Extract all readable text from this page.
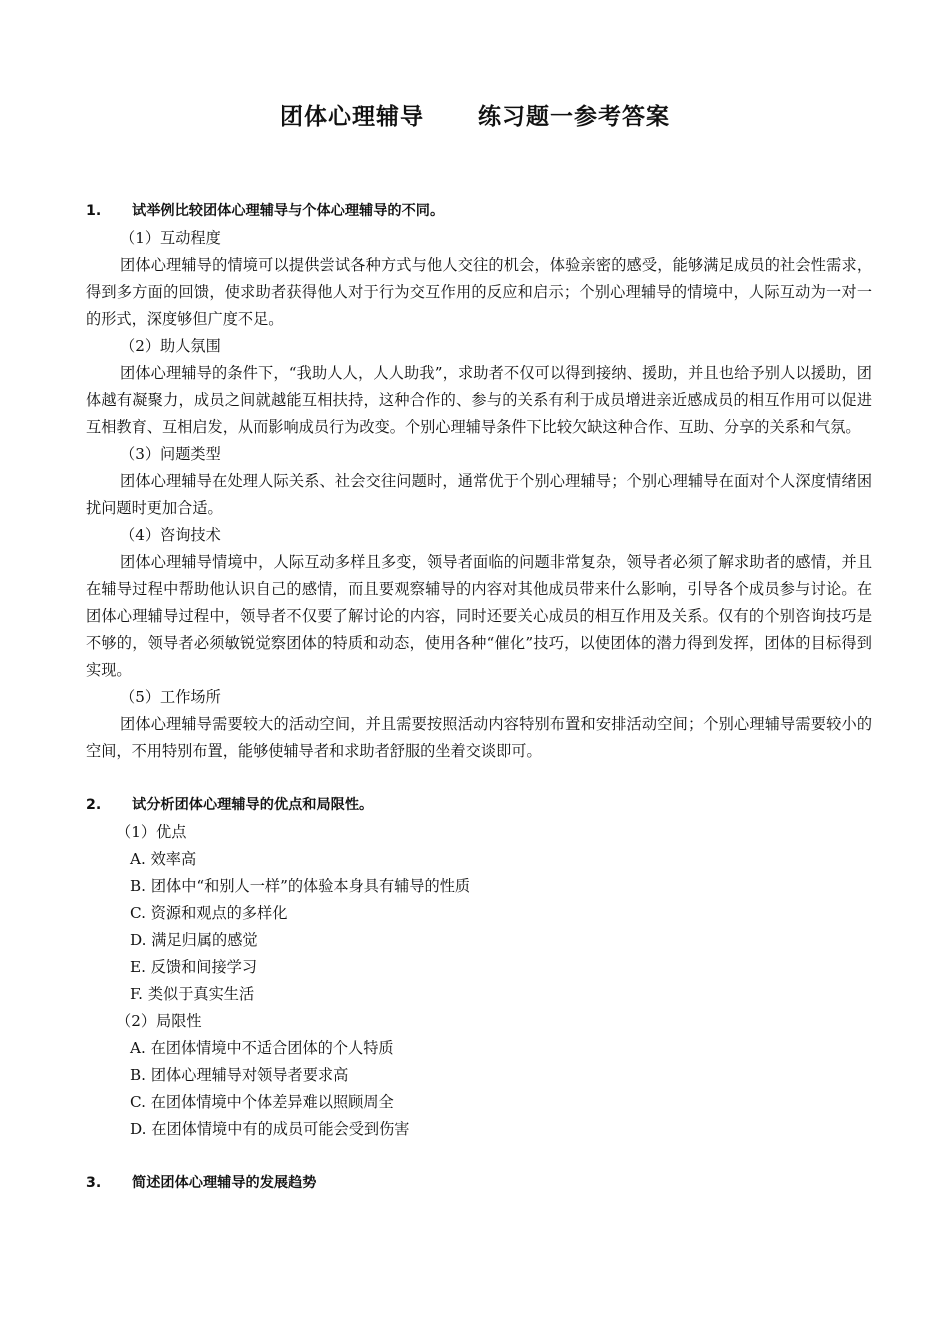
团体心理辅导      练习题一参考答案
1. 试举例比较团体心理辅导与个体心理辅导的不同。
（1）互动程度
团体心理辅导的情境可以提供尝试各种方式与他人交往的机会，体验亲密的感受，能够满足成员的社会性需求，得到多方面的回馈，使求助者获得他人对于行为交互作用的反应和启示；个别心理辅导的情境中，人际互动为一对一的形式，深度够但广度不足。
（2）助人氛围
团体心理辅导的条件下，“我助人人，人人助我”，求助者不仅可以得到接纳、援助，并且也给予别人以援助，团体越有凝聚力，成员之间就越能互相扶持，这种合作的、参与的关系有利于成员增进亲近感成员的相互作用可以促进互相教育、互相启发，从而影响成员行为改变。个别心理辅导条件下比较欠缺这种合作、互助、分享的关系和气氛。
（3）问题类型
团体心理辅导在处理人际关系、社会交往问题时，通常优于个别心理辅导；个别心理辅导在面对个人深度情绪困扰问题时更加合适。
（4）咨询技术
团体心理辅导情境中，人际互动多样且多变，领导者面临的问题非常复杂，领导者必须了解求助者的感情，并且在辅导过程中帮助他认识自己的感情，而且要观察辅导的内容对其他成员带来什么影响，引导各个成员参与讨论。在团体心理辅导过程中，领导者不仅要了解讨论的内容，同时还要关心成员的相互作用及关系。仅有的个别咨询技巧是不够的，领导者必须敏锐觉察团体的特质和动态，使用各种“催化”技巧，以使团体的潜力得到发挥，团体的目标得到实现。
（5）工作场所
团体心理辅导需要较大的活动空间，并且需要按照活动内容特别布置和安排活动空间；个别心理辅导需要较小的空间，不用特别布置，能够使辅导者和求助者舒服的坐着交谈即可。
2. 试分析团体心理辅导的优点和局限性。
（1）优点
A. 效率高
B. 团体中“和别人一样”的体验本身具有辅导的性质
C. 资源和观点的多样化
D. 满足归属的感觉
E. 反馈和间接学习
F. 类似于真实生活
（2）局限性
A. 在团体情境中不适合团体的个人特质
B. 团体心理辅导对领导者要求高
C. 在团体情境中个体差异难以照顾周全
D. 在团体情境中有的成员可能会受到伤害
3. 简述团体心理辅导的发展趋势
